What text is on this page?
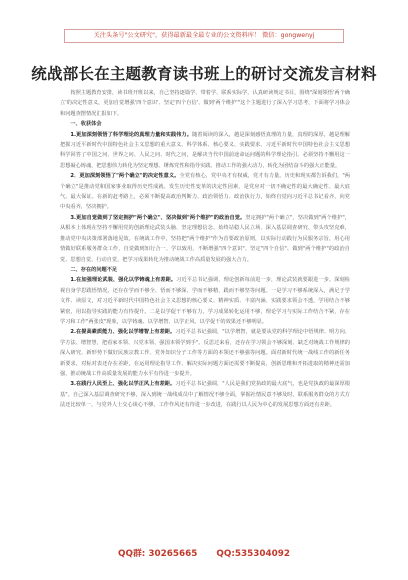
关注头条号"公文研究"，获得最新最全最专业的公文资料库！ 微信：gongwenyj
统战部长在主题教育读书班上的研讨交流发言材料

按照主题教育安排，读书班开班以来，自己坚持逐篇学、带着学、联系实际学，认真研读规定书目，围绕"深刻领悟'两个确立'的决定性意义，更加自觉增强'四个意识'、坚定'四个自信'、做到'两个维护'"这个主题进行了深入学习思考，下面将学习体会和问题查摆情况汇报如下。

一、收获体会

1.更加深刻领悟了科学理论的真理力量和实践伟力。随着阅读的深入，越是深刻感悟真理的力量，真理的深厚，越是理解把握习近平新时代中国特色社会主义思想的重大意义，科学体系、核心要义、实践要求。习近平新时代中国特色社会主义思想科学回答了中国之问、世界之问、人民之问、时代之问，是解决当代中国前途命运问题的科学理论指引。必须坚持不懈用这一思想凝心铸魂，把思想伟力转化为坚定理想、锤炼党性和指导实践、推动工作的强大动力，转化为团结奋斗的强大正能量。

2．更加深刻领悟了"两个确立"的决定性意义。全党有核心，党中央才有权威，党才有力量。历史和现实都告诉我们，"两个确立"是推动党和国家事业取得历史性成就、发生历史性变革的决定性因素，是党应对一切不确定性的最大确定性、最大底气、最大保证。在新的赶考路上，必须不断提高政治判断力、政治领悟力、政治执行力，始终自觉向习近平总书记看齐，向党中央看齐，坚决拥护。

3.更加自觉做到了坚定拥护"两个确立"、坚决做到"两个维护"的政治自觉。坚定拥护"两个确立"，坚决做到"两个维护"，从根本上体现在坚持不懈用党的创新理论武装头脑、坚定理想信念、始终站稳人民立场、深入基层调查研究、带头攻坚克难，推动党中央决策部署落地见效。在统战工作中，坚持把"两个维护"作为首要政治原则，以实际行动践行为民服务宗旨，用心用情做好联系服务群众工作，自觉做到知行合一、学以致用，不断增强"四个意识"、坚定"四个自信"、做到"两个维护"的政治自觉、思想自觉、行动自觉，把学习成果转化为推动统战工作高质量发展的强大合力。

二、存在的问题不足

1.在加强理论武装、强化以学铸魂上有差距。习近平总书记强调，理论创新每前进一步，理论武装就要跟进一步。深刻检视自身学思践悟情况，还存在学而不够全、悟而不够深、学而不够精、践而不够坚等问题。一是学习不够系统深入，满足于学文件、读原文，对习近平新时代中国特色社会主义思想的核心要义、精神实质、丰富内涵、实践要求领会不透，学用结合不够紧密，用以指导实践的能力有待提升。二是以学促干不够有力，学习成果转化运用不够，理论学习与实际工作结合不紧，存在学习和工作"两张皮"现象，以学铸魂、以学增智、以学正风、以学促干的效果还不够明显。

2.在提高素质能力、强化以学增智上有差距。习近平总书记强调，"以学增智，就是要从党的科学理论中悟规律、明方向、学方法、增智慧，把看家本领、兴党本领、强国本领学到手"。反思过来看，还存在学习领会不够深刻、缺乏对统战工作规律的深入研究、新形势下做好民族宗教工作、党外知识分子工作等方面的本领还不够强等问题。面对新时代统一战线工作的新任务新要求，对标对表还存在差距，在运用理论指导工作、解决实际问题方面还需要不断提高，创新思维和开拓进取的精神还需加强，推动统战工作高质量发展的能力水平有待进一步提升。

3.在践行人民至上、强化以学正风上有差距。习近平总书记强调，"人民是我们党执政的最大底气，也是党执政的最深厚根基"。自己深入基层调查研究不够，深入到统一战线成员中了解情况不够全面，掌握社情民意不够及时，联系服务群众的方式方法还比较单一，与党外人士交心谈心不够，工作作风还有待进一步改进，在践行以人民为中心的发展思想方面还有差距。

QQ群: 30265665 QQ:535304092
